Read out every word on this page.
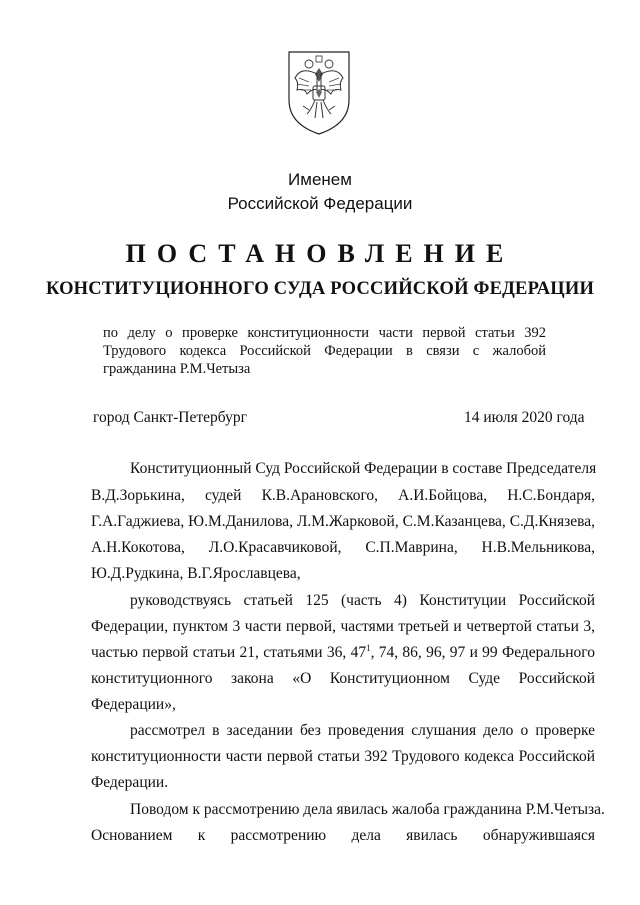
Именем
Российской Федерации
ПОСТАНОВЛЕНИЕ
КОНСТИТУЦИОННОГО СУДА РОССИЙСКОЙ ФЕДЕРАЦИИ
по делу о проверке конституционности части первой статьи 392
Трудового кодекса Российской Федерации в связи с жалобой
гражданина Р.М.Четыза
город Санкт-Петербург	14 июля 2020 года
Конституционный Суд Российской Федерации в составе Председателя
В.Д.Зорькина, судей К.В.Арановского, А.И.Бойцова, Н.С.Бондаря,
Г.А.Гаджиева, Ю.М.Данилова, Л.М.Жарковой, С.М.Казанцева, С.Д.Князева,
А.Н.Кокотова, Л.О.Красавчиковой, С.П.Маврина, Н.В.Мельникова,
Ю.Д.Рудкина, В.Г.Ярославцева,
руководствуясь статьей 125 (часть 4) Конституции Российской
Федерации, пунктом 3 части первой, частями третьей и четвертой статьи 3,
частью первой статьи 21, статьями 36, $47^1$, 74, 86, 96, 97 и 99 Федерального
конституционного закона «О Конституционном Суде Российской
Федерации»,
рассмотрел в заседании без проведения слушания дело о проверке
конституционности части первой статьи 392 Трудового кодекса Российской
Федерации.
Поводом к рассмотрению дела явилась жалоба гражданина Р.М.Четыза.
Основанием к рассмотрению дела явилась обнаружившаяся
